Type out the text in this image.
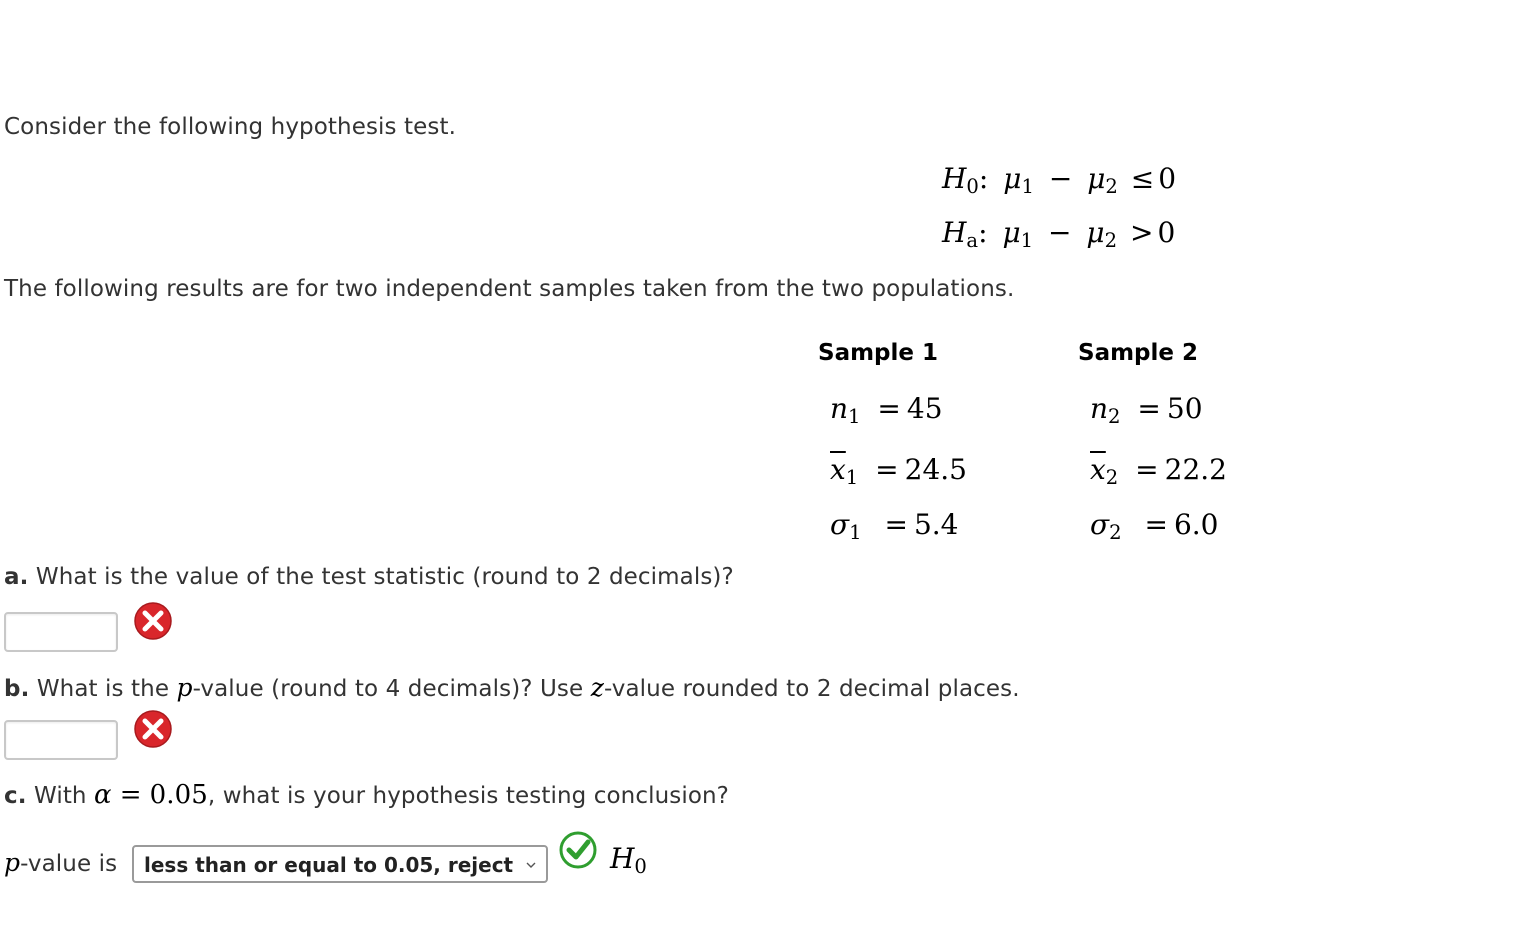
Consider the following hypothesis test.
$H_0$: $\mu_1 - \mu_2 \le 0$
$H_a$: $\mu_1 - \mu_2 > 0$
The following results are for two independent samples taken from the two populations.
Sample 1
$n_1 = 45$
$\overline{x}_1 = 24.5$
$\sigma_1 = 5.4$
Sample 2
$n_2 = 50$
$\overline{x}_2 = 22.2$
$\sigma_2 = 6.0$
a. What is the value of the test statistic (round to 2 decimals)?
b. What is the p-value (round to 4 decimals)? Use z-value rounded to 2 decimal places.
c. With α = 0.05, what is your hypothesis testing conclusion?
p-value is	less than or equal to 0.05, reject	$H_0$
